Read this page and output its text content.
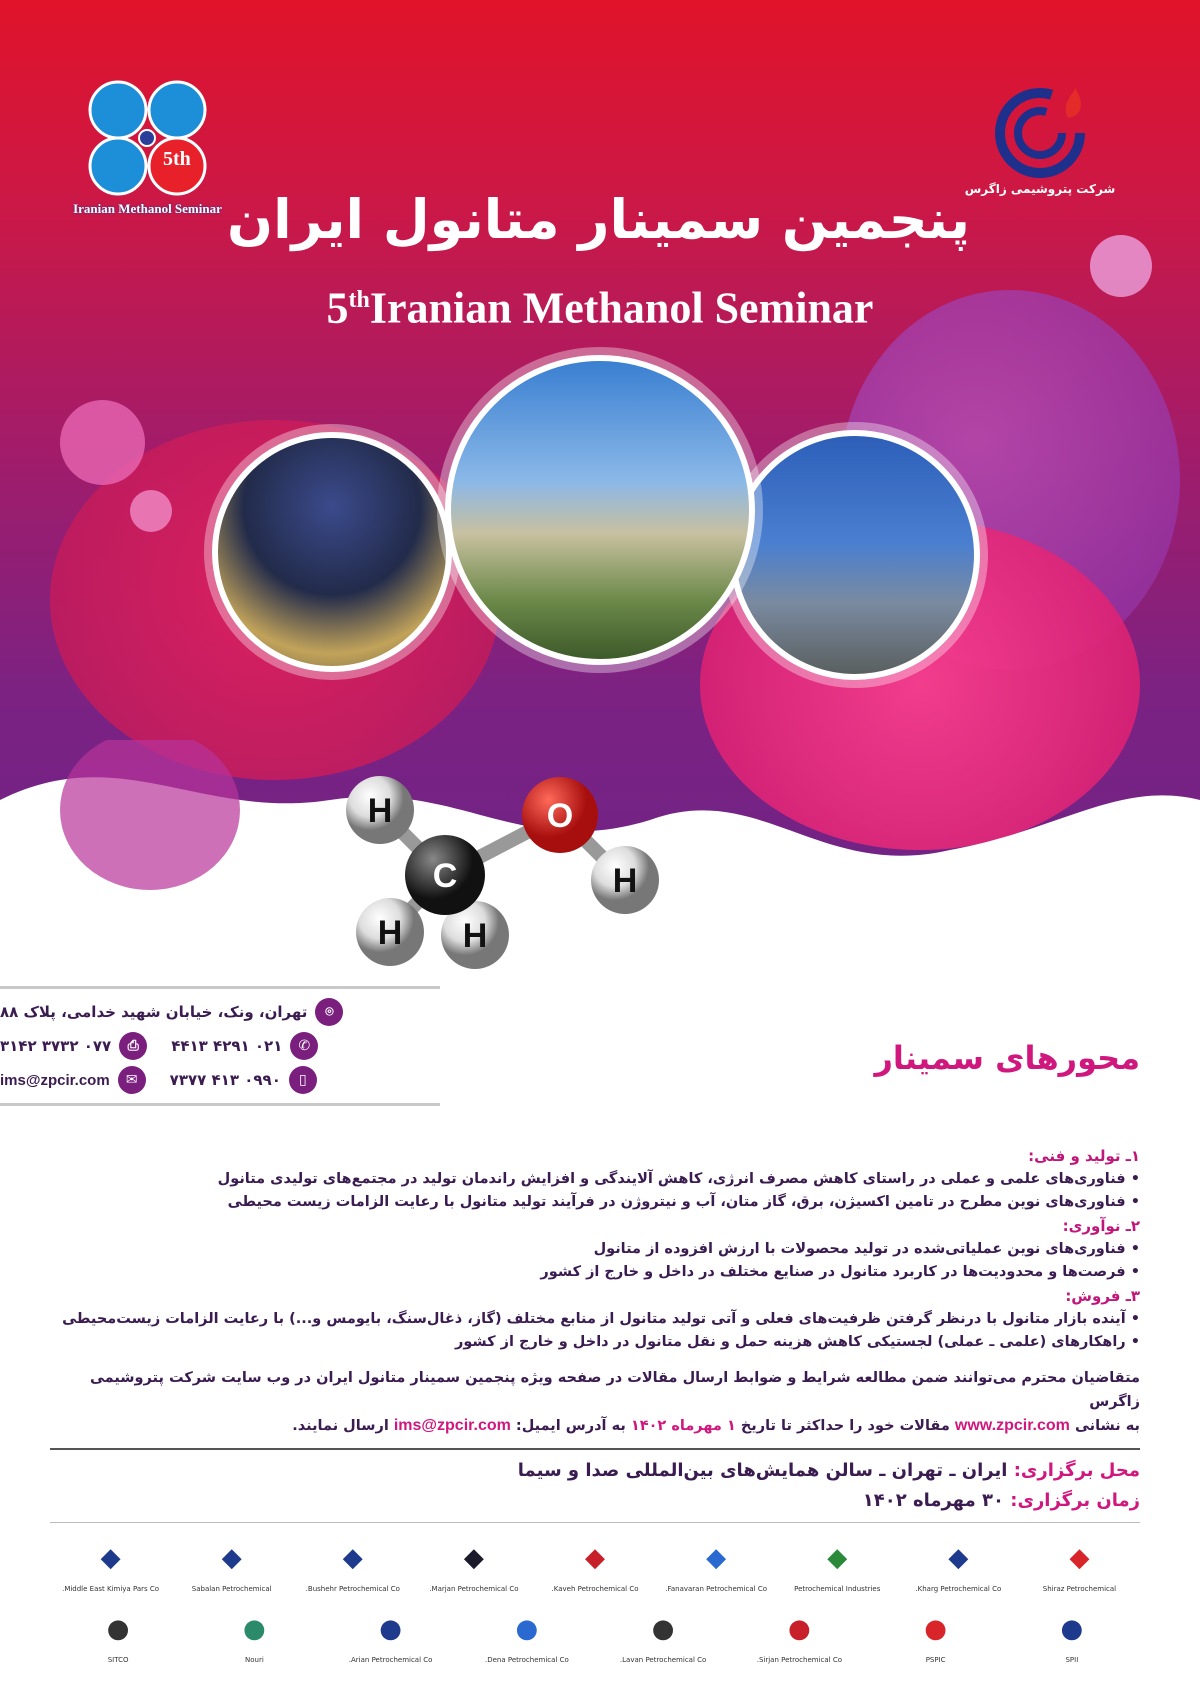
5th
Iranian Methanol Seminar
شرکت پتروشیمی زاگرس
پنجمین سمینار متانول ایران
5thIranian Methanol Seminar
H
H H
C
O
H
⌾
تهران، ونک، خیابان شهید خدامی، پلاک ۸۸
✆
۰۲۱ ۴۲۹۱ ۴۴۱۳
⎙
۰۷۷ ۳۷۳۲ ۳۱۴۲
▯
۰۹۹۰ ۴۱۳ ۷۳۷۷
✉
ims@zpcir.com
محورهای سمینار
۱ـ تولید و فنی:
• فناوری‌های علمی و عملی در راستای کاهش مصرف انرژی، کاهش آلایندگی و افزایش راندمان تولید در مجتمع‌های تولیدی متانول
• فناوری‌های نوین مطرح در تامین اکسیژن، برق، گاز متان، آب و نیتروژن در فرآیند تولید متانول با رعایت الزامات زیست محیطی
۲ـ نوآوری:
• فناوری‌های نوین عملیاتی‌شده در تولید محصولات با ارزش افزوده از متانول
• فرصت‌ها و محدودیت‌ها در کاربرد متانول در صنایع مختلف در داخل و خارج از کشور
۳ـ فروش:
• آینده بازار متانول با درنظر گرفتن ظرفیت‌های فعلی و آتی تولید متانول از منابع مختلف (گاز، ذغال‌سنگ، بایومس و...) با رعایت الزامات زیست‌محیطی
• راهکارهای (علمی ـ عملی) لجستیکی کاهش هزینه حمل و نقل متانول در داخل و خارج از کشور
متقاضیان محترم می‌توانند ضمن مطالعه شرایط و ضوابط ارسال مقالات در صفحه ویژه پنجمین سمینار متانول ایران در وب سایت شرکت پتروشیمی زاگرس
به نشانی www.zpcir.com مقالات خود را حداکثر تا تاریخ ۱ مهرماه ۱۴۰۲ به آدرس ایمیل: ims@zpcir.com ارسال نمایند.
محل برگزاری: ایران ـ تهران ـ سالن همایش‌های بین‌المللی صدا و سیما
زمان برگزاری: ۳۰ مهرماه ۱۴۰۲
◆
Shiraz Petrochemical
◆
Kharg Petrochemical Co.
◆
Petrochemical Industries
◆
Fanavaran Petrochemical Co.
◆
Kaveh Petrochemical Co.
◆
Marjan Petrochemical Co.
◆
Bushehr Petrochemical Co.
◆
Sabalan Petrochemical
◆
Middle East Kimiya Pars Co.
●
SPII
●
PSPIC
●
Sirjan Petrochemical Co.
●
Lavan Petrochemical Co.
●
Dena Petrochemical Co.
●
Arian Petrochemical Co.
●
Nouri
●
SITCO
